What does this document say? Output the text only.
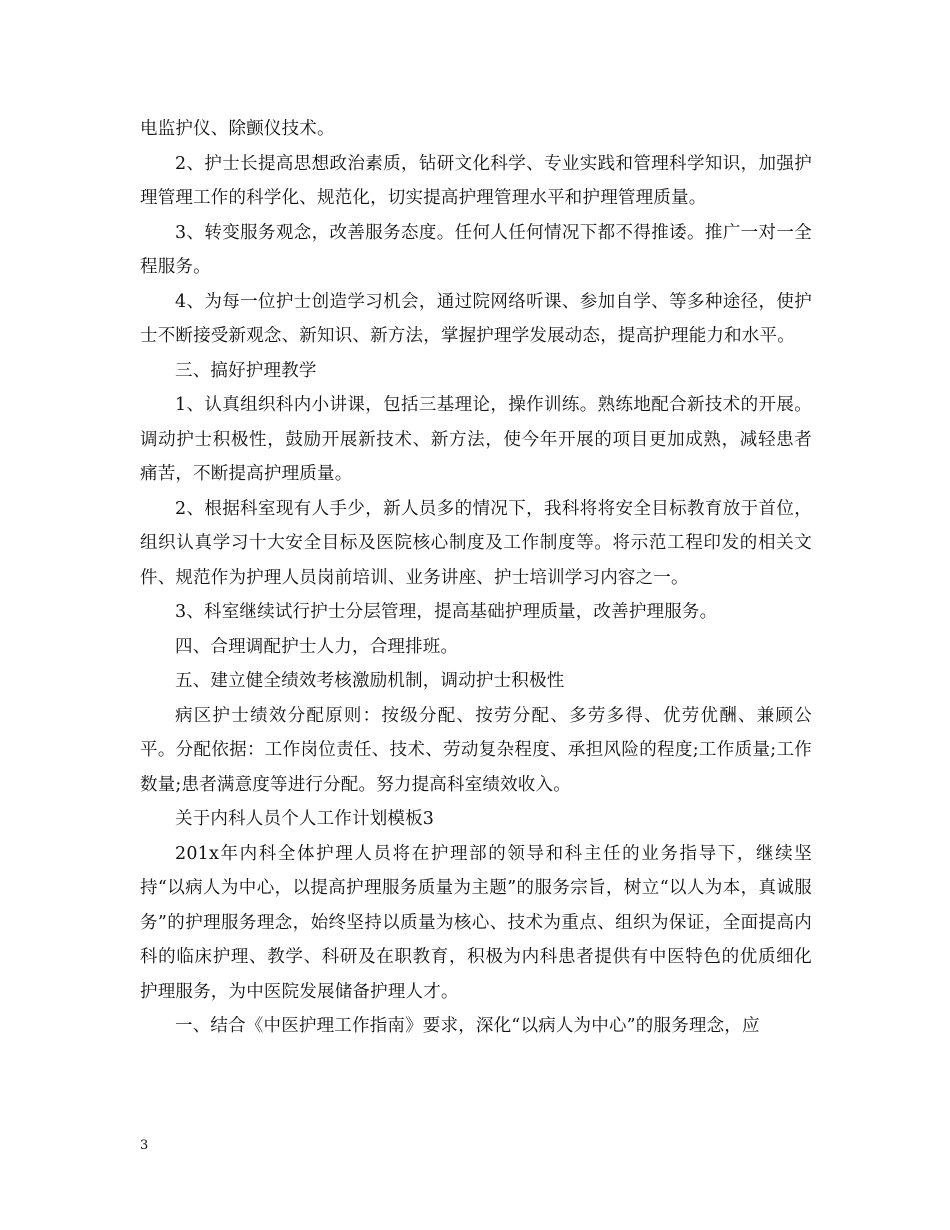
电监护仪、除颤仪技术。

2、护士长提高思想政治素质，钻研文化科学、专业实践和管理科学知识，加强护理管理工作的科学化、规范化，切实提高护理管理水平和护理管理质量。

3、转变服务观念，改善服务态度。任何人任何情况下都不得推诿。推广一对一全程服务。

4、为每一位护士创造学习机会，通过院网络听课、参加自学、等多种途径，使护士不断接受新观念、新知识、新方法，掌握护理学发展动态，提高护理能力和水平。

三、搞好护理教学

1、认真组织科内小讲课，包括三基理论，操作训练。熟练地配合新技术的开展。调动护士积极性，鼓励开展新技术、新方法，使今年开展的项目更加成熟，减轻患者痛苦，不断提高护理质量。

2、根据科室现有人手少，新人员多的情况下，我科将将安全目标教育放于首位，组织认真学习十大安全目标及医院核心制度及工作制度等。将示范工程印发的相关文件、规范作为护理人员岗前培训、业务讲座、护士培训学习内容之一。

3、科室继续试行护士分层管理，提高基础护理质量，改善护理服务。

四、合理调配护士人力，合理排班。

五、建立健全绩效考核激励机制，调动护士积极性

病区护士绩效分配原则：按级分配、按劳分配、多劳多得、优劳优酬、兼顾公平。分配依据：工作岗位责任、技术、劳动复杂程度、承担风险的程度;工作质量;工作数量;患者满意度等进行分配。努力提高科室绩效收入。

关于内科人员个人工作计划模板3

201x年内科全体护理人员将在护理部的领导和科主任的业务指导下，继续坚持“以病人为中心，以提高护理服务质量为主题”的服务宗旨，树立“以人为本，真诚服务”的护理服务理念，始终坚持以质量为核心、技术为重点、组织为保证，全面提高内科的临床护理、教学、科研及在职教育，积极为内科患者提供有中医特色的优质细化护理服务，为中医院发展储备护理人才。

一、结合《中医护理工作指南》要求，深化“以病人为中心”的服务理念，应

3
